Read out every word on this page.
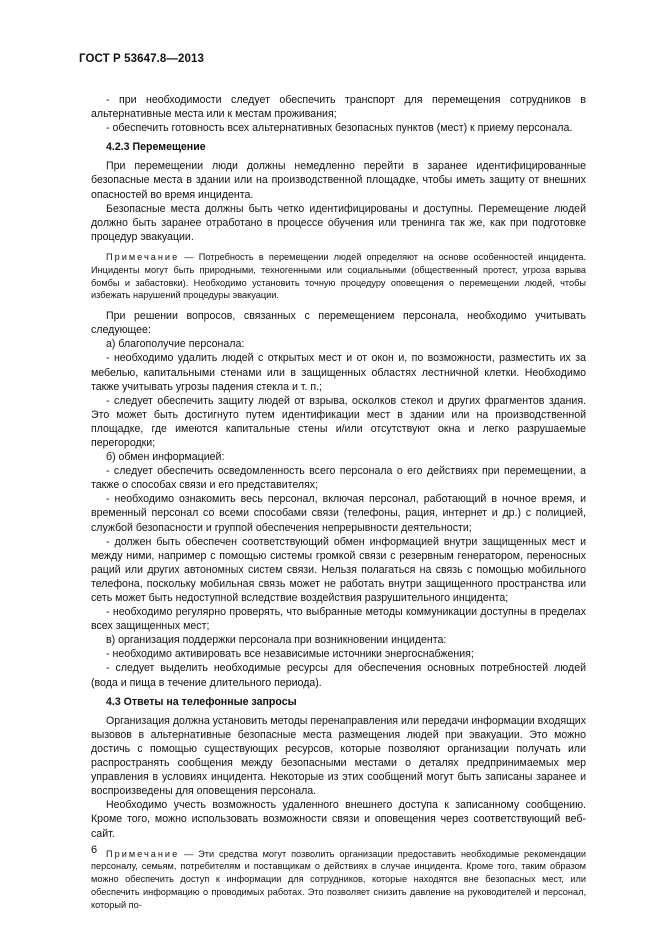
ГОСТ Р 53647.8—2013

- при необходимости следует обеспечить транспорт для перемещения сотрудников в альтернативные места или к местам проживания;

- обеспечить готовность всех альтернативных безопасных пунктов (мест) к приему персонала.

4.2.3 Перемещение

При перемещении люди должны немедленно перейти в заранее идентифицированные безопасные места в здании или на производственной площадке, чтобы иметь защиту от внешних опасностей во время инцидента.

Безопасные места должны быть четко идентифицированы и доступны. Перемещение людей должно быть заранее отработано в процессе обучения или тренинга так же, как при подготовке процедур эвакуации.

Примечание — Потребность в перемещении людей определяют на основе особенностей инцидента. Инциденты могут быть природными, техногенными или социальными (общественный протест, угроза взрыва бомбы и забастовки). Необходимо установить точную процедуру оповещения о перемещении людей, чтобы избежать нарушений процедуры эвакуации.

При решении вопросов, связанных с перемещением персонала, необходимо учитывать следующее:

а) благополучие персонала:

- необходимо удалить людей с открытых мест и от окон и, по возможности, разместить их за мебелью, капитальными стенами или в защищенных областях лестничной клетки. Необходимо также учитывать угрозы падения стекла и т. п.;

- следует обеспечить защиту людей от взрыва, осколков стекол и других фрагментов здания. Это может быть достигнуто путем идентификации мест в здании или на производственной площадке, где имеются капитальные стены и/или отсутствуют окна и легко разрушаемые перегородки;

б) обмен информацией:

- следует обеспечить осведомленность всего персонала о его действиях при перемещении, а также о способах связи и его представителях;

- необходимо ознакомить весь персонал, включая персонал, работающий в ночное время, и временный персонал со всеми способами связи (телефоны, рация, интернет и др.) с полицией, службой безопасности и группой обеспечения непрерывности деятельности;

- должен быть обеспечен соответствующий обмен информацией внутри защищенных мест и между ними, например с помощью системы громкой связи с резервным генератором, переносных раций или других автономных систем связи. Нельзя полагаться на связь с помощью мобильного телефона, поскольку мобильная связь может не работать внутри защищенного пространства или сеть может быть недоступной вследствие воздействия разрушительного инцидента;

- необходимо регулярно проверять, что выбранные методы коммуникации доступны в пределах всех защищенных мест;

в) организация поддержки персонала при возникновении инцидента:

- необходимо активировать все независимые источники энергоснабжения;

- следует выделить необходимые ресурсы для обеспечения основных потребностей людей (вода и пища в течение длительного периода).

4.3 Ответы на телефонные запросы

Организация должна установить методы перенаправления или передачи информации входящих вызовов в альтернативные безопасные места размещения людей при эвакуации. Это можно достичь с помощью существующих ресурсов, которые позволяют организации получать или распространять сообщения между безопасными местами о деталях предпринимаемых мер управления в условиях инцидента. Некоторые из этих сообщений могут быть записаны заранее и воспроизведены для оповещения персонала.

Необходимо учесть возможность удаленного внешнего доступа к записанному сообщению. Кроме того, можно использовать возможности связи и оповещения через соответствующий веб-сайт.

Примечание — Эти средства могут позволить организации предоставить необходимые рекомендации персоналу, семьям, потребителям и поставщикам о действиях в случае инцидента. Кроме того, таким образом можно обеспечить доступ к информации для сотрудников, которые находятся вне безопасных мест, или обеспечить информацию о проводимых работах. Это позволяет снизить давление на руководителей и персонал, который по-

6
